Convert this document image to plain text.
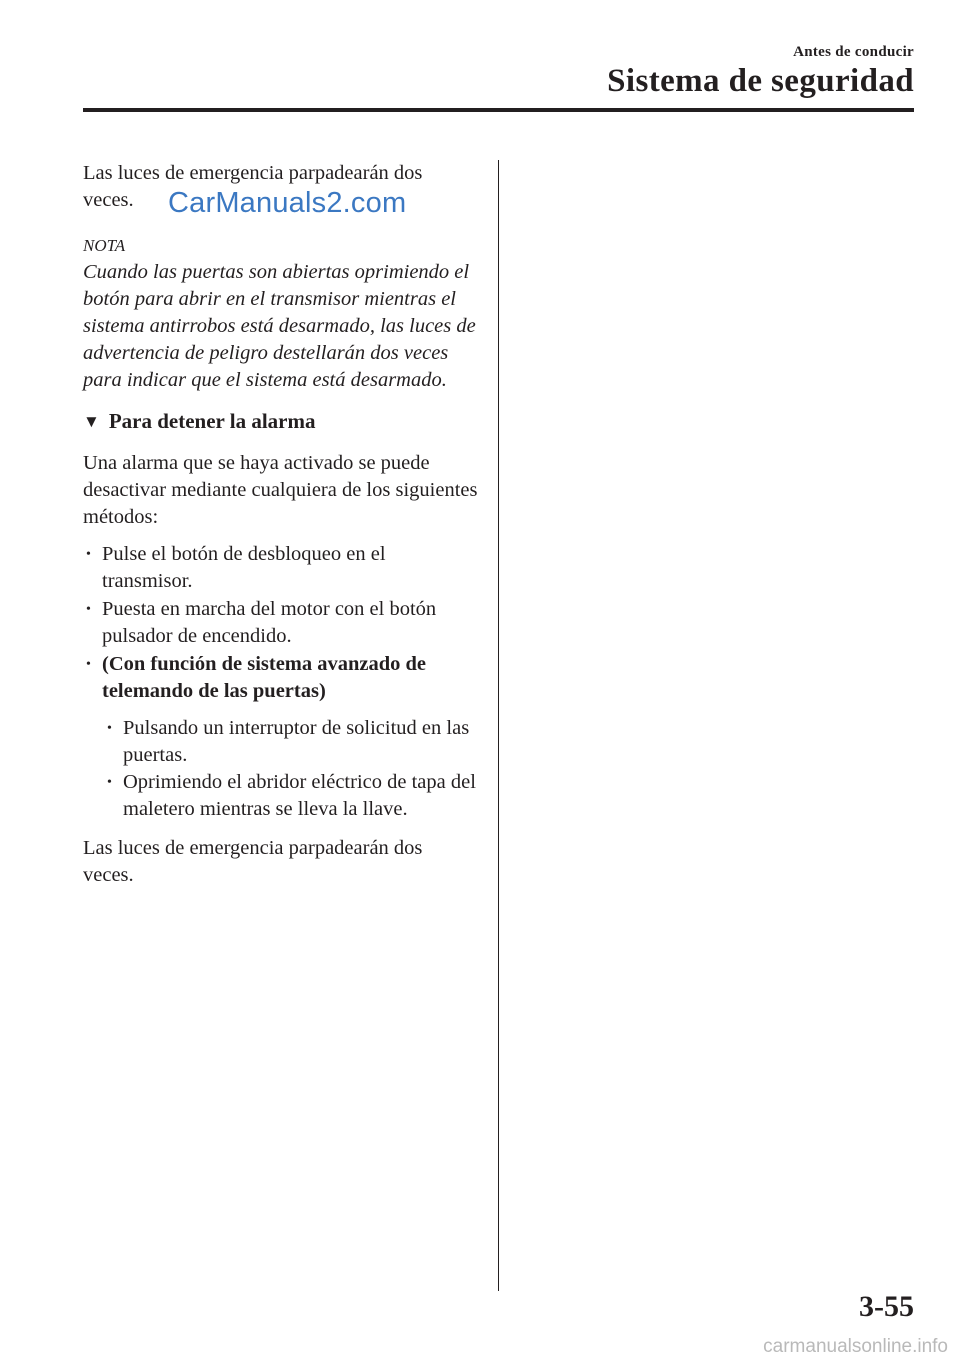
Antes de conducir
Sistema de seguridad

Las luces de emergencia parpadearán dos veces.

NOTA

Cuando las puertas son abiertas oprimiendo el botón para abrir en el transmisor mientras el sistema antirrobos está desarmado, las luces de advertencia de peligro destellarán dos veces para indicar que el sistema está desarmado.

▼ Para detener la alarma

Una alarma que se haya activado se puede desactivar mediante cualquiera de los siguientes métodos:

• Pulse el botón de desbloqueo en el transmisor.
• Puesta en marcha del motor con el botón pulsador de encendido.
• (Con función de sistema avanzado de telemando de las puertas)
• Pulsando un interruptor de solicitud en las puertas.
• Oprimiendo el abridor eléctrico de tapa del maletero mientras se lleva la llave.

Las luces de emergencia parpadearán dos veces.

CarManuals2.com
3-55
carmanualsonline.info
